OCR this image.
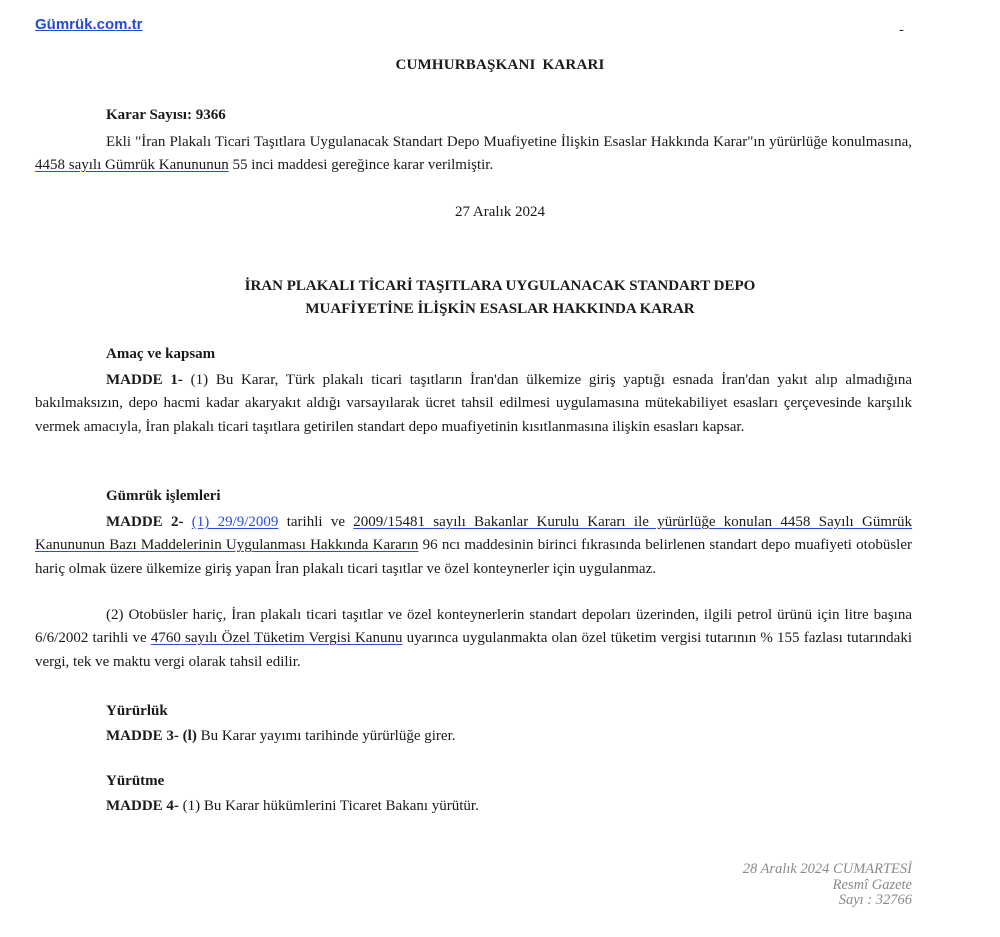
Gümrük.com.tr	-
CUMHURBAŞKANI KARARI
Karar Sayısı: 9366

Ekli "İran Plakalı Ticari Taşıtlara Uygulanacak Standart Depo Muafiyetine İlişkin Esaslar Hakkında Karar"ın yürürlüğe konulmasına, 4458 sayılı Gümrük Kanununun 55 inci maddesi gereğince karar verilmiştir.

27 Aralık 2024
İRAN PLAKALI TİCARİ TAŞITLARA UYGULANACAK STANDART DEPO
MUAFİYETİNE İLİŞKİN ESASLAR HAKKINDA KARAR
Amaç ve kapsam

MADDE 1- (1) Bu Karar, Türk plakalı ticari taşıtların İran'dan ülkemize giriş yaptığı esnada İran'dan yakıt alıp almadığına bakılmaksızın, depo hacmi kadar akaryakıt aldığı varsayılarak ücret tahsil edilmesi uygulamasına mütekabiliyet esasları çerçevesinde karşılık vermek amacıyla, İran plakalı ticari taşıtlara getirilen standart depo muafiyetinin kısıtlanmasına ilişkin esasları kapsar.

Gümrük işlemleri

MADDE 2- (1) 29/9/2009 tarihli ve 2009/15481 sayılı Bakanlar Kurulu Kararı ile yürürlüğe konulan 4458 Sayılı Gümrük Kanununun Bazı Maddelerinin Uygulanması Hakkında Kararın 96 ncı maddesinin birinci fıkrasında belirlenen standart depo muafiyeti otobüsler hariç olmak üzere ülkemize giriş yapan İran plakalı ticari taşıtlar ve özel konteynerler için uygulanmaz.

(2) Otobüsler hariç, İran plakalı ticari taşıtlar ve özel konteynerlerin standart depoları üzerinden, ilgili petrol ürünü için litre başına 6/6/2002 tarihli ve 4760 sayılı Özel Tüketim Vergisi Kanunu uyarınca uygulanmakta olan özel tüketim vergisi tutarının % 155 fazlası tutarındaki vergi, tek ve maktu vergi olarak tahsil edilir.

Yürürlük
MADDE 3- (l) Bu Karar yayımı tarihinde yürürlüğe girer.
Yürütme
MADDE 4- (1) Bu Karar hükümlerini Ticaret Bakanı yürütür.
28 Aralık 2024 CUMARTESİ
Resmî Gazete
Sayı : 32766
